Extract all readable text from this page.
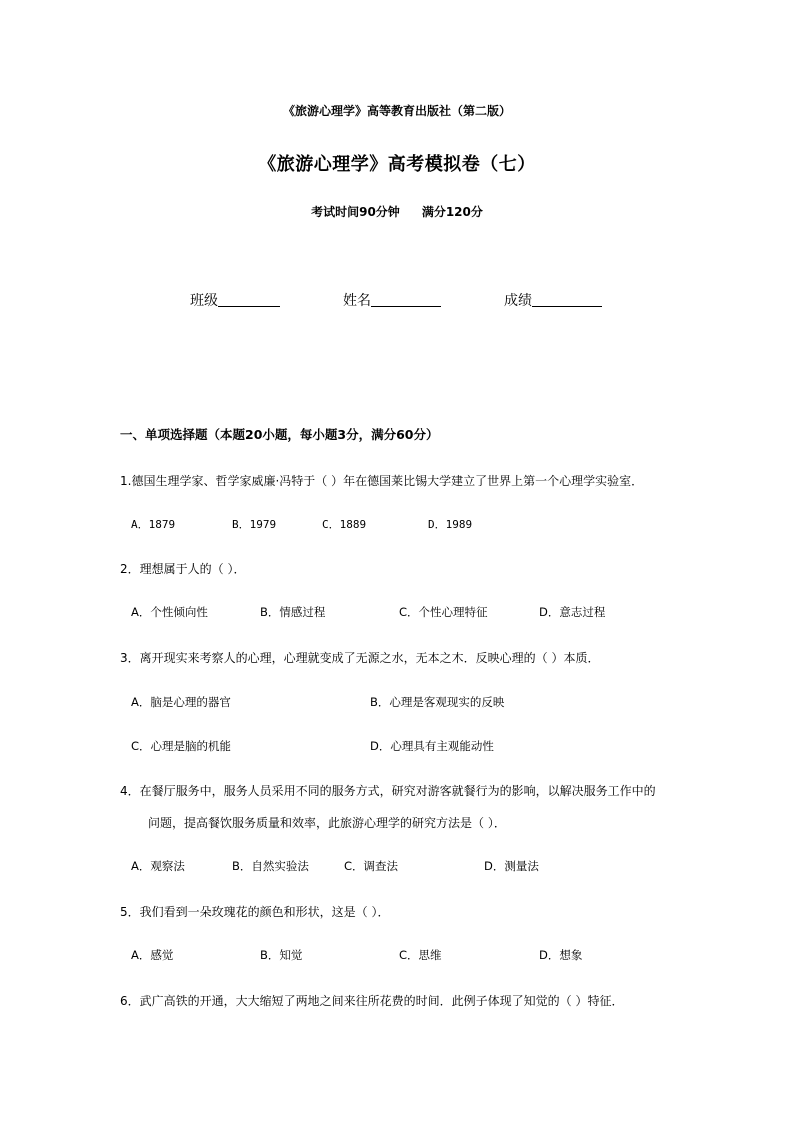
《旅游心理学》高等教育出版社（第二版）
《旅游心理学》高考模拟卷（七）
考试时间90分钟 满分120分
班级	姓名	成绩
一、单项选择题（本题20小题，每小题3分，满分60分）
1.德国生理学家、哲学家威廉·冯特于（ ）年在德国莱比锡大学建立了世界上第一个心理学实验室．
A．1879	B．1979	C．1889	D．1989
2．理想属于人的（ ）．
A．个性倾向性	B．情感过程	C．个性心理特征	D．意志过程
3．离开现实来考察人的心理，心理就变成了无源之水，无本之木．反映心理的（ ）本质．
A．脑是心理的器官	B．心理是客观现实的反映
C．心理是脑的机能	D．心理具有主观能动性
4．在餐厅服务中，服务人员采用不同的服务方式，研究对游客就餐行为的影响，以解决服务工作中的
问题，提高餐饮服务质量和效率，此旅游心理学的研究方法是（ ）．
A．观察法	B．自然实验法	C．调查法	D．测量法
5．我们看到一朵玫瑰花的颜色和形状，这是（ ）．
A．感觉	B．知觉	C．思维	D．想象
6．武广高铁的开通，大大缩短了两地之间来往所花费的时间．此例子体现了知觉的（ ）特征．
